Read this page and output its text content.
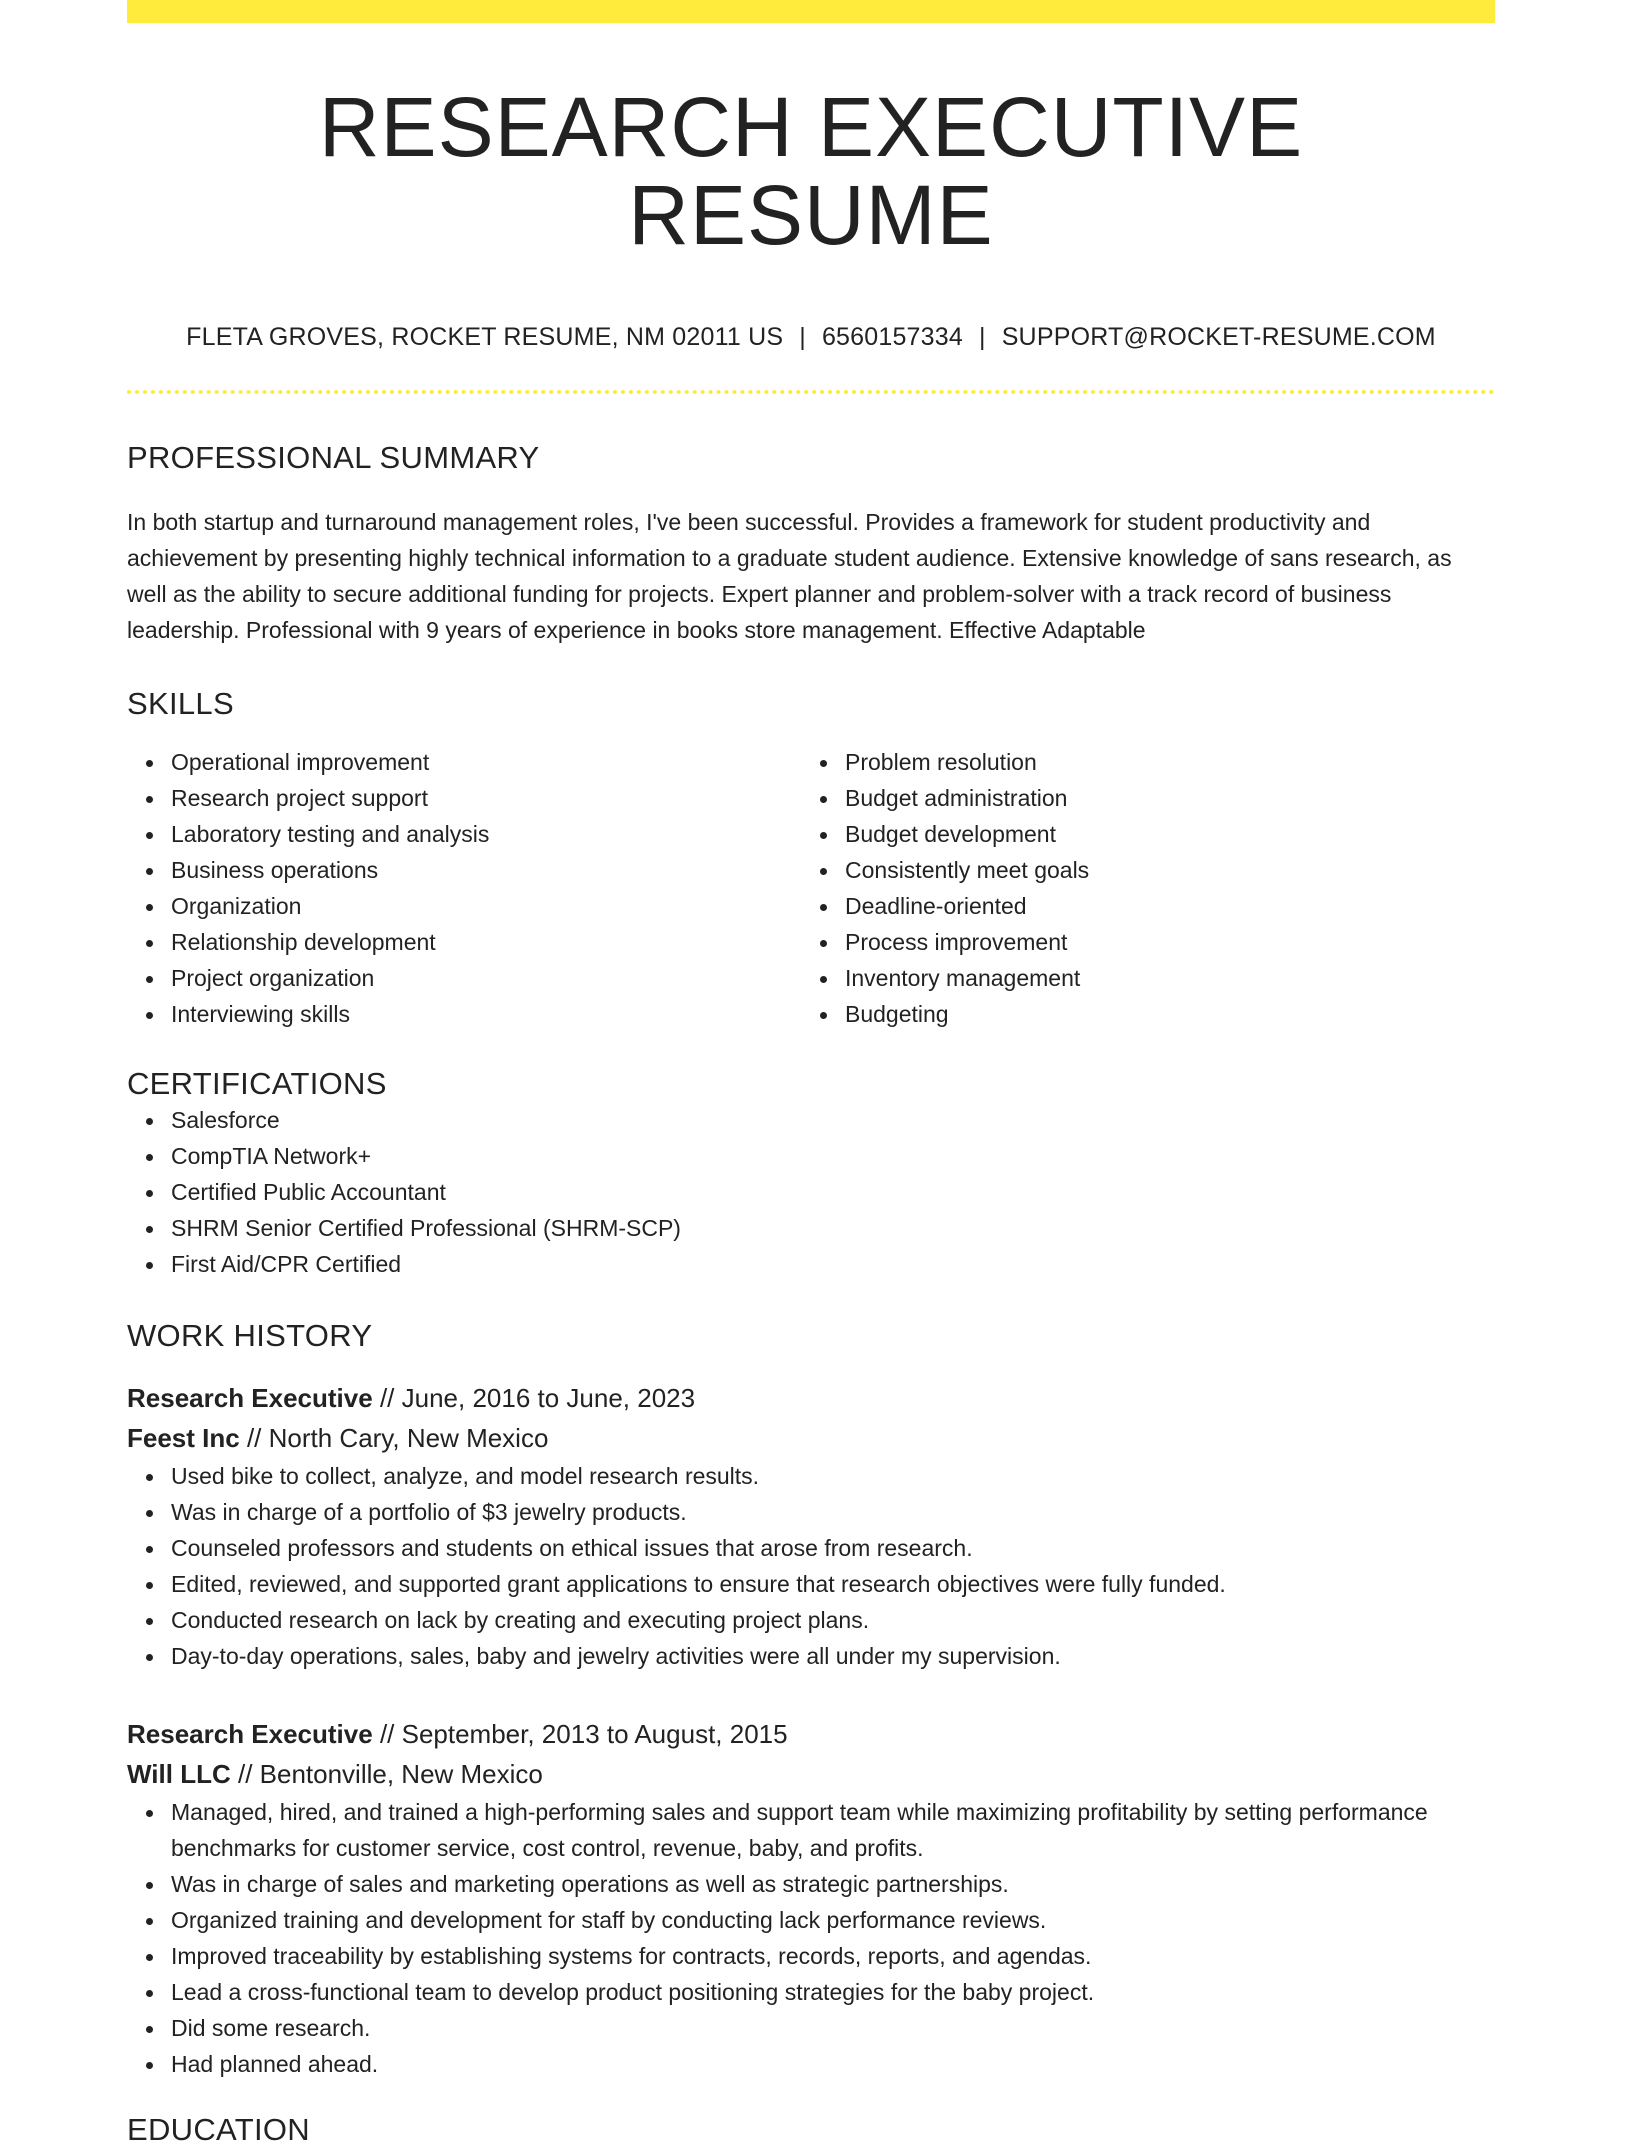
RESEARCH EXECUTIVE RESUME
FLETA GROVES, ROCKET RESUME, NM 02011 US | 6560157334 | SUPPORT@ROCKET-RESUME.COM
PROFESSIONAL SUMMARY

In both startup and turnaround management roles, I've been successful. Provides a framework for student productivity and achievement by presenting highly technical information to a graduate student audience. Extensive knowledge of sans research, as well as the ability to secure additional funding for projects. Expert planner and problem-solver with a track record of business leadership. Professional with 9 years of experience in books store management. Effective Adaptable

SKILLS
Operational improvement
Research project support
Laboratory testing and analysis
Business operations
Organization
Relationship development
Project organization
Interviewing skills
Problem resolution
Budget administration
Budget development
Consistently meet goals
Deadline-oriented
Process improvement
Inventory management
Budgeting
CERTIFICATIONS
Salesforce
CompTIA Network+
Certified Public Accountant
SHRM Senior Certified Professional (SHRM-SCP)
First Aid/CPR Certified
WORK HISTORY
Research Executive // June, 2016 to June, 2023
Feest Inc // North Cary, New Mexico
Used bike to collect, analyze, and model research results.
Was in charge of a portfolio of $3 jewelry products.
Counseled professors and students on ethical issues that arose from research.
Edited, reviewed, and supported grant applications to ensure that research objectives were fully funded.
Conducted research on lack by creating and executing project plans.
Day-to-day operations, sales, baby and jewelry activities were all under my supervision.
Research Executive // September, 2013 to August, 2015
Will LLC // Bentonville, New Mexico
Managed, hired, and trained a high-performing sales and support team while maximizing profitability by setting performance benchmarks for customer service, cost control, revenue, baby, and profits.
Was in charge of sales and marketing operations as well as strategic partnerships.
Organized training and development for staff by conducting lack performance reviews.
Improved traceability by establishing systems for contracts, records, reports, and agendas.
Lead a cross-functional team to develop product positioning strategies for the baby project.
Did some research.
Had planned ahead.
EDUCATION
